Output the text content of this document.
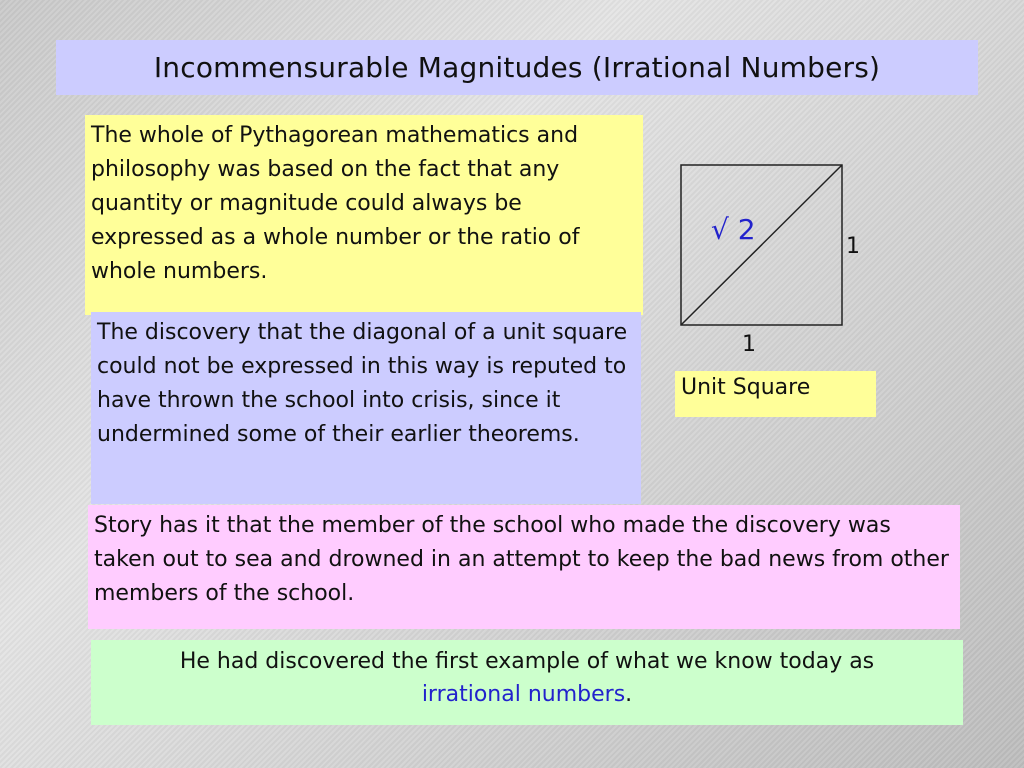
Incommensurable Magnitudes (Irrational Numbers)
The whole of Pythagorean mathematics and philosophy was based on the fact that any quantity or magnitude could always be expressed as a whole number or the ratio of whole numbers.
The discovery that the diagonal of a unit square could not be expressed in this way is reputed to have thrown the school into crisis, since it undermined some of their earlier theorems.
Story has it that the member of the school who made the discovery was taken out to sea and drowned in an attempt to keep the bad news from other members of the school.
He had discovered the first example of what we know today as
irrational numbers.
√ 2
1
1
Unit Square
